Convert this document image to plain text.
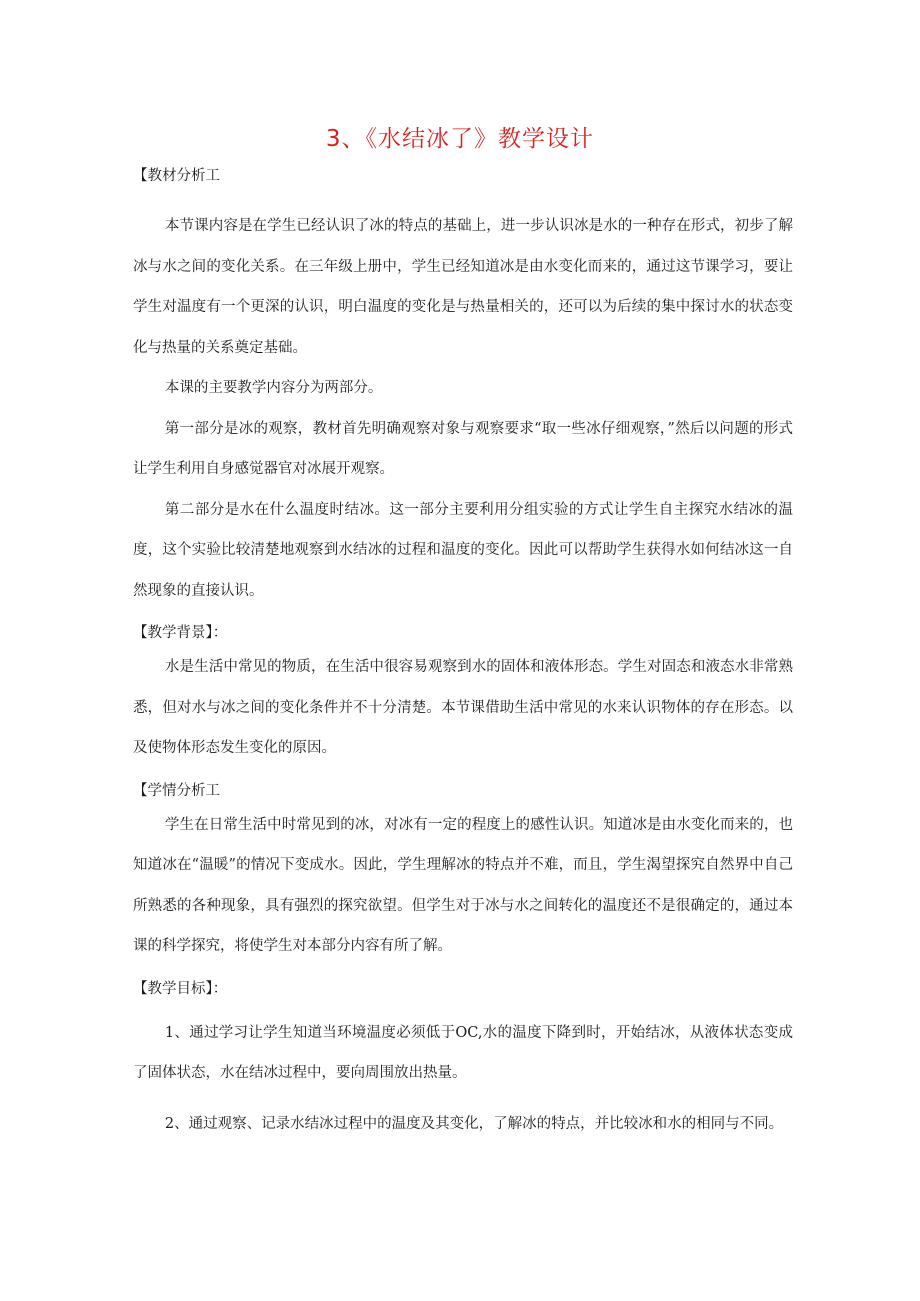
3、《水结冰了》教学设计

【教材分析工

本节课内容是在学生已经认识了冰的特点的基础上，进一步认识冰是水的一种存在形式，初步了解冰与水之间的变化关系。在三年级上册中，学生已经知道冰是由水变化而来的，通过这节课学习，要让学生对温度有一个更深的认识，明白温度的变化是与热量相关的，还可以为后续的集中探讨水的状态变化与热量的关系奠定基础。

本课的主要教学内容分为两部分。

第一部分是冰的观察，教材首先明确观察对象与观察要求“取一些冰仔细观察，”然后以问题的形式让学生利用自身感觉器官对冰展开观察。

第二部分是水在什么温度时结冰。这一部分主要利用分组实验的方式让学生自主探究水结冰的温度，这个实验比较清楚地观察到水结冰的过程和温度的变化。因此可以帮助学生获得水如何结冰这一自然现象的直接认识。

【教学背景】：

水是生活中常见的物质，在生活中很容易观察到水的固体和液体形态。学生对固态和液态水非常熟悉，但对水与冰之间的变化条件并不十分清楚。本节课借助生活中常见的水来认识物体的存在形态。以及使物体形态发生变化的原因。

【学情分析工

学生在日常生活中时常见到的冰，对冰有一定的程度上的感性认识。知道冰是由水变化而来的，也知道冰在“温暖”的情况下变成水。因此，学生理解冰的特点并不难，而且，学生渴望探究自然界中自己所熟悉的各种现象，具有强烈的探究欲望。但学生对于冰与水之间转化的温度还不是很确定的，通过本课的科学探究，将使学生对本部分内容有所了解。

【教学目标】：

1、通过学习让学生知道当环境温度必须低于OC,水的温度下降到时，开始结冰，从液体状态变成了固体状态，水在结冰过程中，要向周围放出热量。

2、通过观察、记录水结冰过程中的温度及其变化，了解冰的特点，并比较冰和水的相同与不同。
